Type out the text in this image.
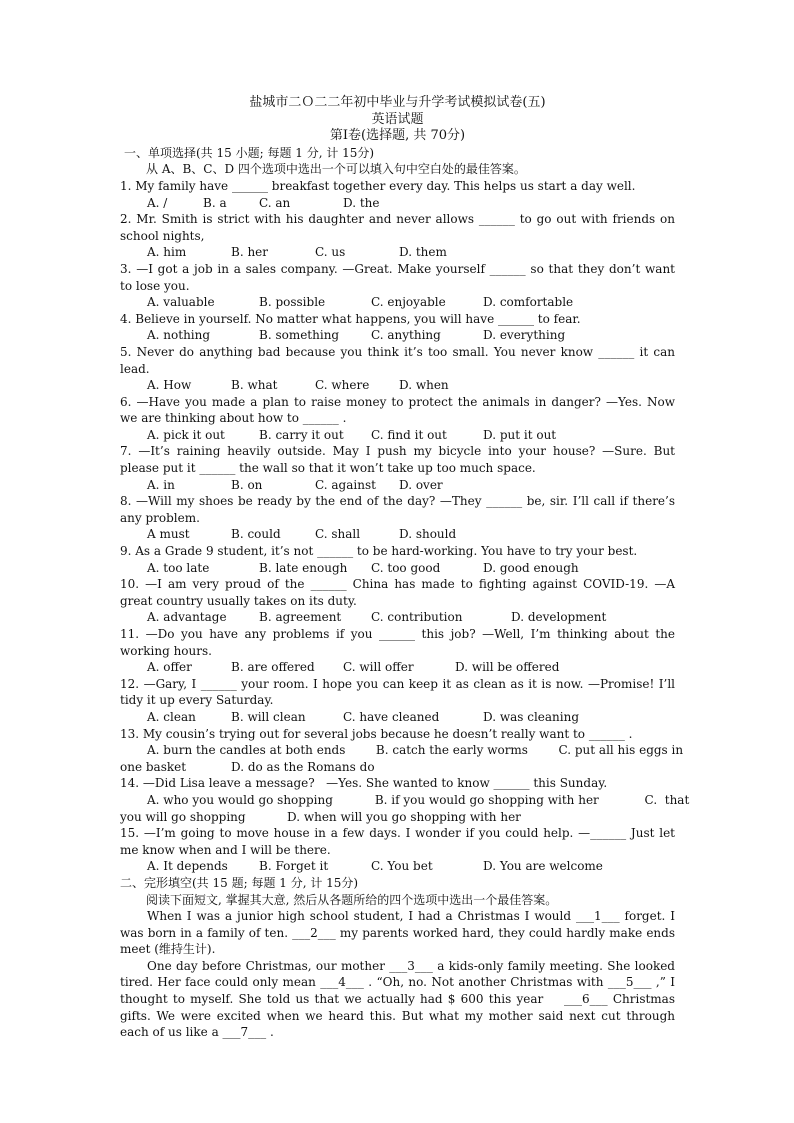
盐城市二Ｏ二二年初中毕业与升学考试模拟试卷(五)
英语试题
第Ⅰ卷(选择题, 共 70分)
一、单项选择(共 15 小题; 每题 1 分, 计 15分)
从 A、B、C、D 四个选项中选出一个可以填入句中空白处的最佳答案。
1. My family have ______ breakfast together every day. This helps us start a day well.
A. /	B. a	C. an	D. the
2. Mr. Smith is strict with his daughter and never allows ______ to go out with friends on school nights,
A. him	B. her	C. us	D. them
3. —I got a job in a sales company. —Great. Make yourself ______ so that they don’t want to lose you.
A. valuable	B. possible	C. enjoyable	D. comfortable
4. Believe in yourself. No matter what happens, you will have ______ to fear.
A. nothing	B. something	C. anything	D. everything
5. Never do anything bad because you think it’s too small. You never know ______ it can lead.
A. How	B. what	C. where	D. when
6. —Have you made a plan to raise money to protect the animals in danger? —Yes. Now we are thinking about how to ______ .
A. pick it out	B. carry it out	C. find it out	D. put it out
7. —It’s raining heavily outside. May I push my bicycle into your house? —Sure. But please put it ______ the wall so that it won’t take up too much space.
A. in	B. on	C. against	D. over
8. —Will my shoes be ready by the end of the day? —They ______ be, sir. I’ll call if there’s any problem.
A must	B. could	C. shall	D. should
9. As a Grade 9 student, it’s not ______ to be hard-working. You have to try your best.
A. too late	B. late enough	C. too good	D. good enough
10. —I am very proud of the ______ China has made to fighting against COVID-19. —A great country usually takes on its duty.
A. advantage	B. agreement	C. contribution	D. development
11. —Do you have any problems if you ______ this job? —Well, I’m thinking about the working hours.
A. offer	B. are offered	C. will offer	D. will be offered
12. —Gary, I ______ your room. I hope you can keep it as clean as it is now. —Promise! I’ll tidy it up every Saturday.
A. clean	B. will clean	C. have cleaned	D. was cleaning
13. My cousin’s trying out for several jobs because he doesn’t really want to ______ .
A. burn the candles at both ends        B. catch the early worms        C. put all his eggs in
one basket	D. do as the Romans do
14. —Did Lisa leave a message?   —Yes. She wanted to know ______ this Sunday.
A. who you would go shopping           B. if you would go shopping with her            C.  that
you will go shopping	D. when will you go shopping with her
15. —I’m going to move house in a few days. I wonder if you could help. —______ Just let me know when and I will be there.
A. It depends	B. Forget it	C. You bet	D. You are welcome
二、完形填空(共 15 题; 每题 1 分, 计 15分)
阅读下面短文, 掌握其大意, 然后从各题所给的四个选项中选出一个最佳答案。
When I was a junior high school student, I had a Christmas I would ___1___ forget. I was born in a family of ten. ___2___ my parents worked hard, they could hardly make ends meet (维持生计).
One day before Christmas, our mother ___3___ a kids-only family meeting. She looked tired. Her face could only mean ___4___ . “Oh, no. Not another Christmas with ___5___ ,” I thought to myself. She told us that we actually had $ 600 this year    ___6___ Christmas gifts. We were excited when we heard this. But what my mother said next cut through each of us like a ___7___ .
